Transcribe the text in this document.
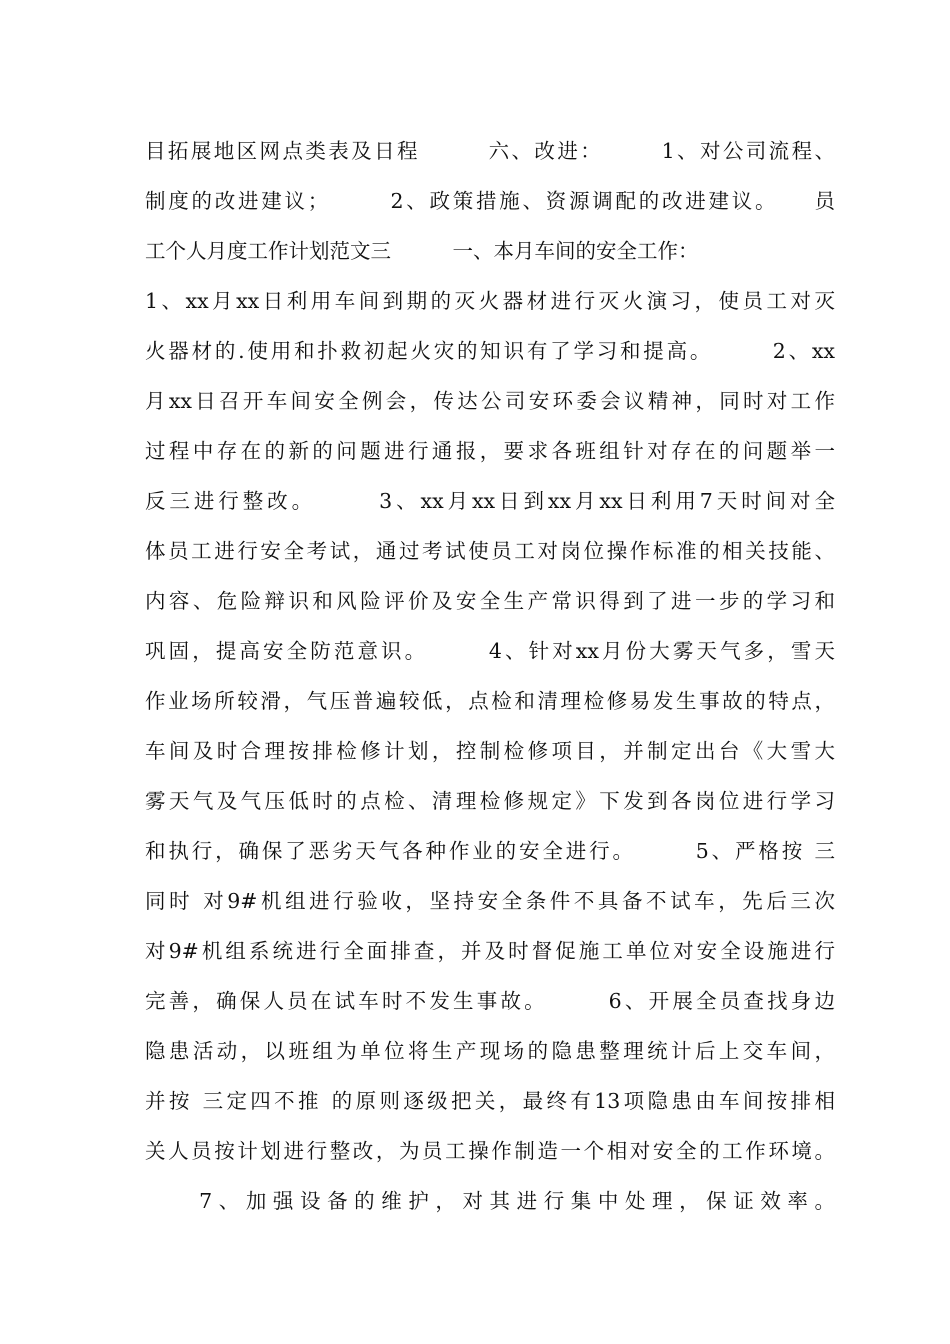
目拓展地区网点类表及日程　　　六、改进：　　　1、对公司流程、
制度的改进建议；　　　2、政策措施、资源调配的改进建议。　　员
工个人月度工作计划范文三　　　一、本月车间的安全工作：
1、xx月xx日利用车间到期的灭火器材进行灭火演习，使员工对灭
火器材的.使用和扑救初起火灾的知识有了学习和提高。　　　2、xx
月xx日召开车间安全例会，传达公司安环委会议精神，同时对工作
过程中存在的新的问题进行通报，要求各班组针对存在的问题举一
反三进行整改。　　　3、xx月xx日到xx月xx日利用7天时间对全
体员工进行安全考试，通过考试使员工对岗位操作标准的相关技能、
内容、危险辩识和风险评价及安全生产常识得到了进一步的学习和
巩固，提高安全防范意识。　　　4、针对xx月份大雾天气多，雪天
作业场所较滑，气压普遍较低，点检和清理检修易发生事故的特点，
车间及时合理按排检修计划，控制检修项目，并制定出台《大雪大
雾天气及气压低时的点检、清理检修规定》下发到各岗位进行学习
和执行，确保了恶劣天气各种作业的安全进行。　　　5、严格按 三
同时 对9#机组进行验收，坚持安全条件不具备不试车，先后三次
对9#机组系统进行全面排查，并及时督促施工单位对安全设施进行
完善，确保人员在试车时不发生事故。　　　6、开展全员查找身边
隐患活动，以班组为单位将生产现场的隐患整理统计后上交车间，
并按 三定四不推 的原则逐级把关，最终有13项隐患由车间按排相
关人员按计划进行整改，为员工操作制造一个相对安全的工作环境。
　　7、加强设备的维护，对其进行集中处理，保证效率。
